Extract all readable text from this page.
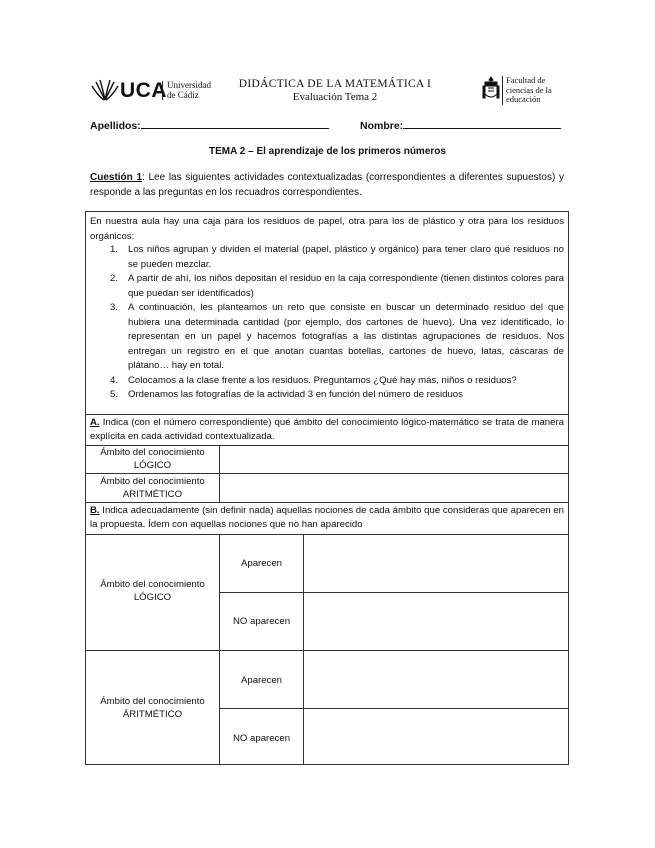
UCA Universidad
de Cádiz
DIDÁCTICA DE LA MATEMÁTICA I
Evaluación Tema 2
Facultad de
ciencias de la
educación
Apellidos:	Nombre:
TEMA 2 – El aprendizaje de los primeros números
Cuestión 1: Lee las siguientes actividades contextualizadas (correspondientes a diferentes supuestos) y responde a las preguntas en los recuadros correspondientes.
En nuestra aula hay una caja para los residuos de papel, otra para los de plástico y otra para los residuos orgánicos:
1. Los niños agrupan y dividen el material (papel, plástico y orgánico) para tener claro qué residuos no se pueden mezclar.
2. A partir de ahí, los niños depositan el residuo en la caja correspondiente (tienen distintos colores para que puedan ser identificados)
3. A continuación, les planteamos un reto que consiste en buscar un determinado residuo del que hubiera una determinada cantidad (por ejemplo, dos cartones de huevo). Una vez identificado, lo representan en un papel y hacemos fotografías a las distintas agrupaciones de residuos. Nos entregan un registro en el que anotan cuantas botellas, cartones de huevo, latas, cáscaras de plátano… hay en total.
4. Colocamos a la clase frente a los residuos. Preguntamos ¿Qué hay más, niños o residuos?
5. Ordenamos las fotografías de la actividad 3 en función del número de residuos
A. Indica (con el número correspondiente) qué ámbito del conocimiento lógico-matemático se trata de manera explícita en cada actividad contextualizada.
Ámbito del conocimiento
LÓGICO
Ámbito del conocimiento
ARITMÉTICO
B. Indica adecuadamente (sin definir nada) aquellas nociones de cada ámbito que consideras que aparecen en la propuesta. Ídem con aquellas nociones que no han aparecido
Ámbito del conocimiento
LÓGICO
Aparecen
NO aparecen
Ámbito del conocimiento
ÁRITMÉTICO
Aparecen
NO aparecen
